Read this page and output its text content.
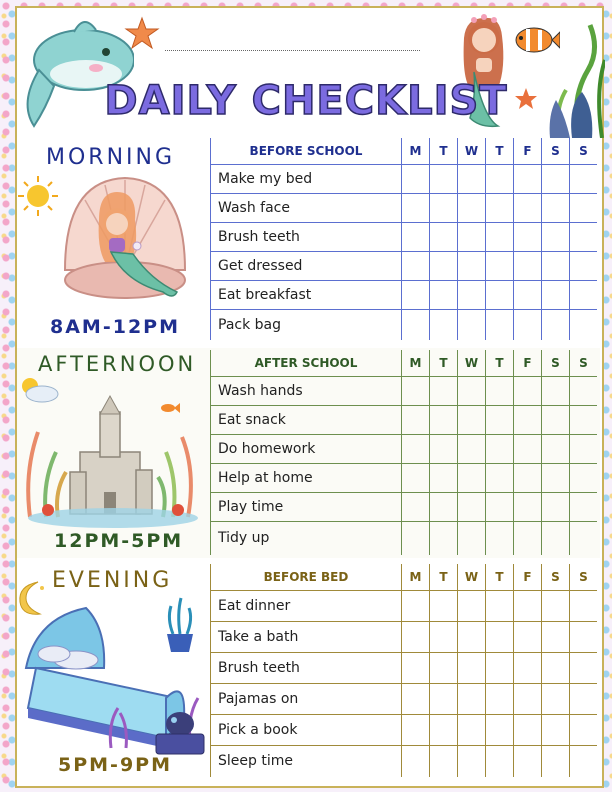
DAILY CHECKLIST
MORNING
8AM-12PM
BEFORE SCHOOL	M	T	W	T	F	S	S
Make my bed							
Wash face							
Brush teeth							
Get dressed							
Eat breakfast							
Pack bag							
AFTERNOON
12PM-5PM
AFTER SCHOOL	M	T	W	T	F	S	S
Wash hands							
Eat snack							
Do homework							
Help at home							
Play time							
Tidy up							
EVENING
5PM-9PM
BEFORE BED	M	T	W	T	F	S	S
Eat dinner							
Take a bath							
Brush teeth							
Pajamas on							
Pick a book							
Sleep time							
